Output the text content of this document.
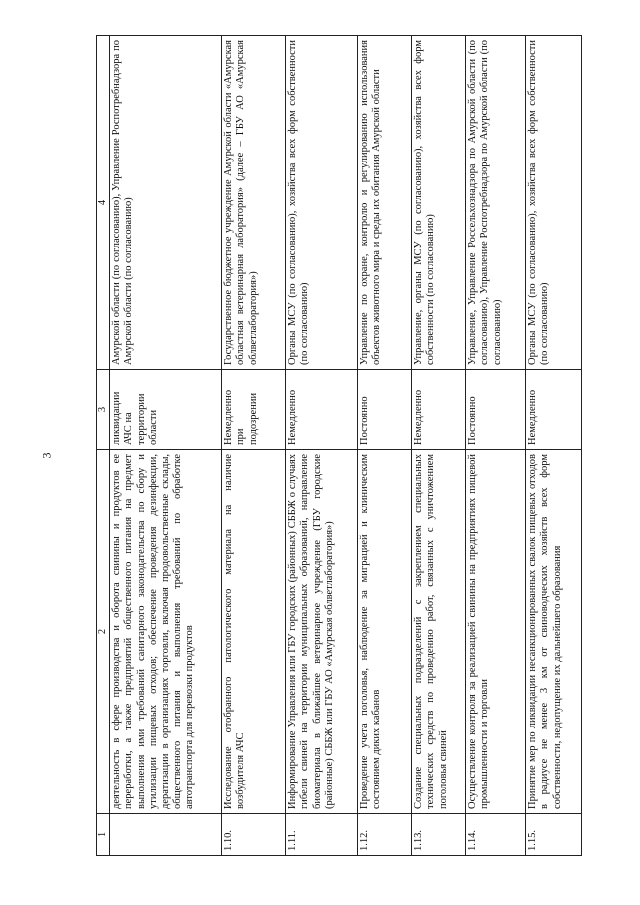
3
1	2	3	4
	деятельность в сфере производства и оборота свинины и продуктов ее переработки, а также предприятий общественного питания на предмет выполнения ими требований санитарного законодательства по сбору и утилизации пищевых отходов; обеспечение проведения дезинфекции, дератизации в организациях торговли, включая продовольственные склады, общественного питания и выполнения требований по обработке автотранспорта для перевозки продуктов	ликвидации АЧС на территории области	Амурской области (по согласованию), Управление Роспотребнадзора по Амурской области (по согласованию)
1.10.	Исследование отобранного патологического материала на наличие возбудителя АЧС	Немедленно при подозрении	Государственное бюджетное учреждение Амурской области «Амурская областная ветеринарная лаборатория» (далее – ГБУ АО «Амурская облветлаборатория»)
1.11.	Информирование Управления или ГБУ городских (районных) СББЖ о случаях гибели свиней на территории муниципальных образований, направление биоматериала в ближайшее ветеринарное учреждение (ГБУ городские (районные) СББЖ или ГБУ АО «Амурская облветлаборатория»)	Немедленно	Органы МСУ (по согласованию), хозяйства всех форм собственности (по согласованию)
1.12.	Проведение учета поголовья, наблюдение за миграцией и клиническим состоянием диких кабанов	Постоянно	Управление по охране, контролю и регулированию использования объектов животного мира и среды их обитания Амурской области
1.13.	Создание специальных подразделений с закреплением специальных технических средств по проведению работ, связанных с уничтожением поголовья свиней	Немедленно	Управление, органы МСУ (по согласованию), хозяйства всех форм собственности (по согласованию)
1.14.	Осуществление контроля за реализацией свинины на предприятиях пищевой промышленности и торговли	Постоянно	Управление, Управление Россельхознадзора по Амурской области (по согласованию), Управление Роспотребнадзора по Амурской области (по согласованию)
1.15.	Принятие мер по ликвидации несанкционированных свалок пищевых отходов в радиусе не менее 3 км от свиноводческих хозяйств всех форм собственности, недопущение их дальнейшего образования	Немедленно	Органы МСУ (по согласованию), хозяйства всех форм собственности (по согласованию)
